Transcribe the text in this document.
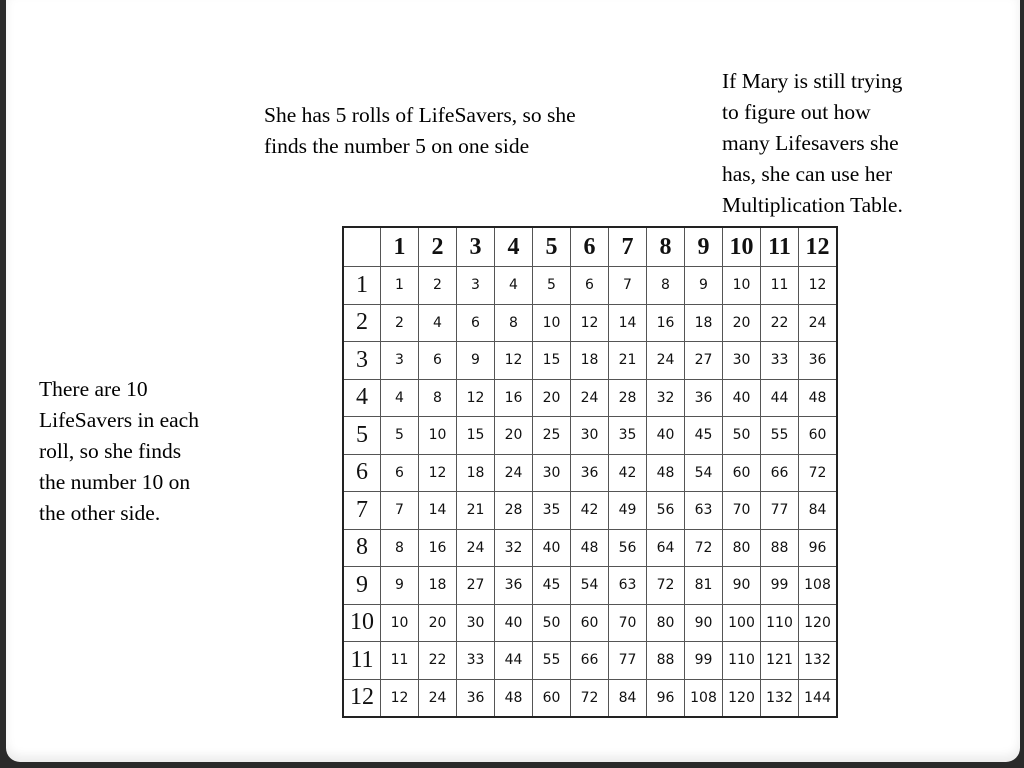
If Mary is still trying
to figure out how
many Lifesavers she
has, she can use her
Multiplication Table.
She has 5 rolls of LifeSavers, so she
finds the number 5 on one side
There are 10
LifeSavers in each
roll, so she finds
the number 10 on
the other side.
	1	2	3	4	5	6	7	8	9	10	11	12
1	1	2	3	4	5	6	7	8	9	10	11	12
2	2	4	6	8	10	12	14	16	18	20	22	24
3	3	6	9	12	15	18	21	24	27	30	33	36
4	4	8	12	16	20	24	28	32	36	40	44	48
5	5	10	15	20	25	30	35	40	45	50	55	60
6	6	12	18	24	30	36	42	48	54	60	66	72
7	7	14	21	28	35	42	49	56	63	70	77	84
8	8	16	24	32	40	48	56	64	72	80	88	96
9	9	18	27	36	45	54	63	72	81	90	99	108
10	10	20	30	40	50	60	70	80	90	100	110	120
11	11	22	33	44	55	66	77	88	99	110	121	132
12	12	24	36	48	60	72	84	96	108	120	132	144
